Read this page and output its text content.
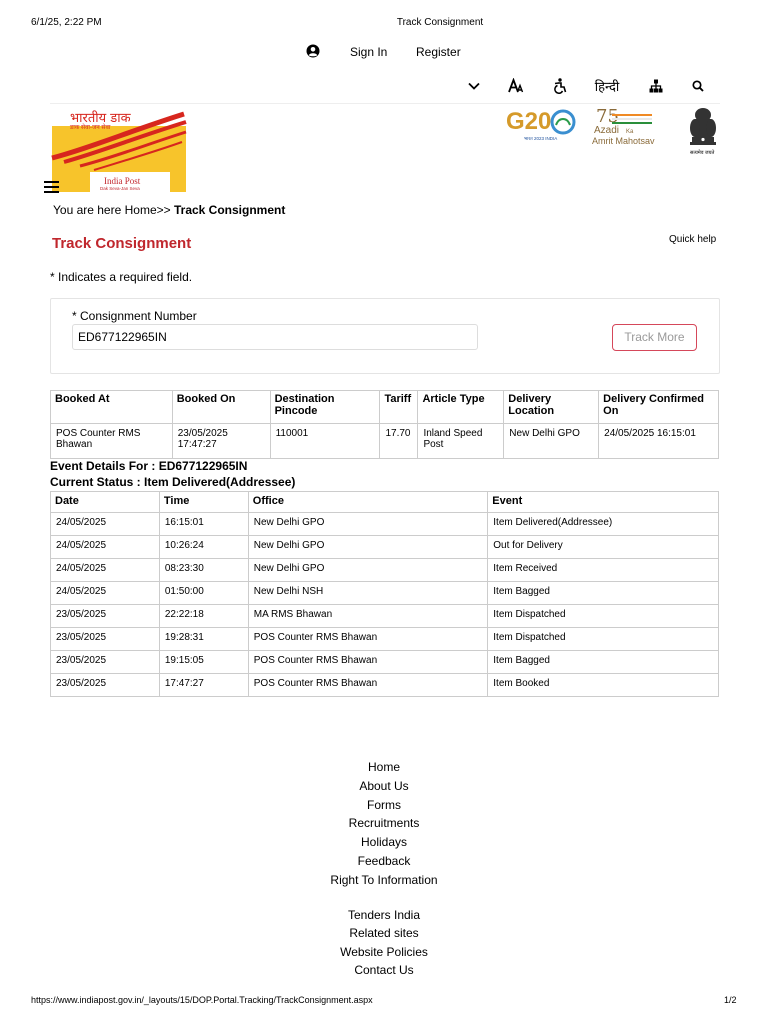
6/1/25, 2:22 PM	Track Consignment
Sign In Register
हिन्दी
भारतीय डाक
डाक सेवा-जन सेवा
India Post
Dak Seva-Jan Seva
G20
भारत 2023 INDIA
75
Azadi Ka
Amrit Mahotsav
सत्यमेव जयते
You are here Home>> Track Consignment
Track Consignment	Quick help
* Indicates a required field.
* Consignment Number
ED677122965IN	Track More
Booked At	Booked On	Destination Pincode	Tariff	Article Type	Delivery Location	Delivery Confirmed On
POS Counter RMS Bhawan	23/05/2025 17:47:27	110001	17.70	Inland Speed Post	New Delhi GPO	24/05/2025 16:15:01
Event Details For : ED677122965IN
Current Status : Item Delivered(Addressee)
Date	Time	Office	Event
24/05/2025	16:15:01	New Delhi GPO	Item Delivered(Addressee)
24/05/2025	10:26:24	New Delhi GPO	Out for Delivery
24/05/2025	08:23:30	New Delhi GPO	Item Received
24/05/2025	01:50:00	New Delhi NSH	Item Bagged
23/05/2025	22:22:18	MA RMS Bhawan	Item Dispatched
23/05/2025	19:28:31	POS Counter RMS Bhawan	Item Dispatched
23/05/2025	19:15:05	POS Counter RMS Bhawan	Item Bagged
23/05/2025	17:47:27	POS Counter RMS Bhawan	Item Booked
Home
About Us
Forms
Recruitments
Holidays
Feedback
Right To Information
Tenders India
Related sites
Website Policies
Contact Us
https://www.indiapost.gov.in/_layouts/15/DOP.Portal.Tracking/TrackConsignment.aspx	1/2
